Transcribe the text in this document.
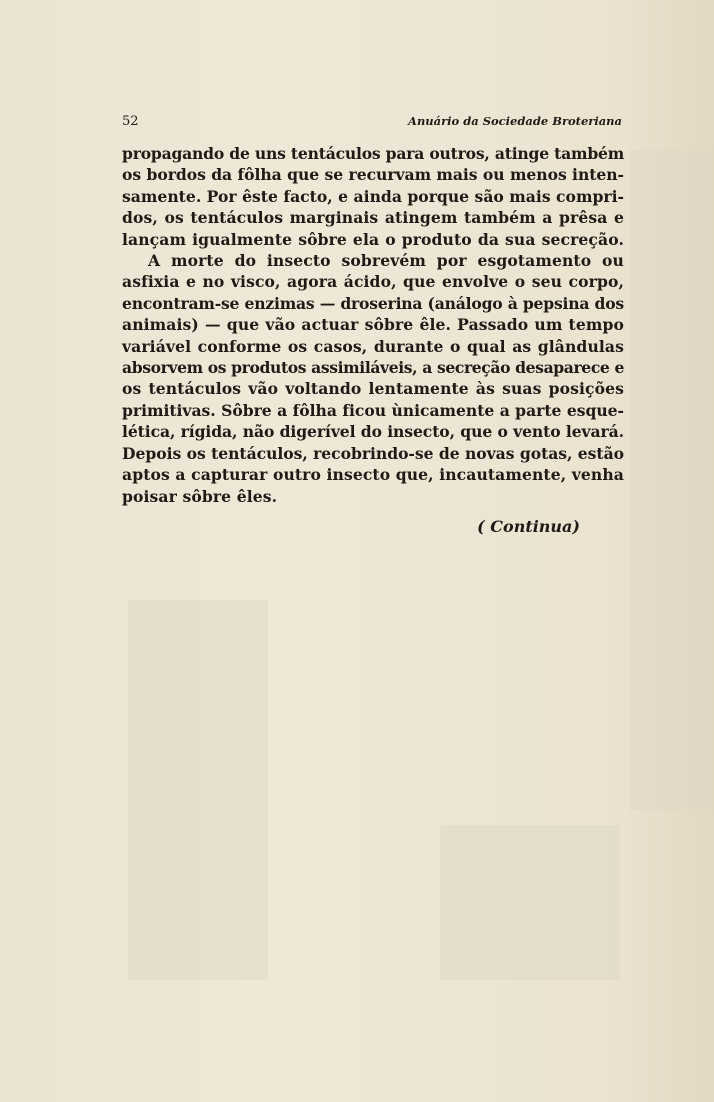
52	Anuário da Sociedade Broteriana

propagando de uns tentáculos para outros, atinge também
os bordos da fôlha que se recurvam mais ou menos inten-
samente. Por êste facto, e ainda porque são mais compri-
dos, os tentáculos marginais atingem também a prêsa e
lançam igualmente sôbre ela o produto da sua secreção.

A morte do insecto sobrevém por esgotamento ou
asfixia e no visco, agora ácido, que envolve o seu corpo,
encontram-se enzimas — droserina (análogo à pepsina dos
animais) — que vão actuar sôbre êle. Passado um tempo
variável conforme os casos, durante o qual as glândulas
absorvem os produtos assimiláveis, a secreção desaparece e
os tentáculos vão voltando lentamente às suas posições
primitivas. Sôbre a fôlha ficou ùnicamente a parte esque-
lética, rígida, não digerível do insecto, que o vento levará.
Depois os tentáculos, recobrindo-se de novas gotas, estão
aptos a capturar outro insecto que, incautamente, venha
poisar sôbre êles.

( Continua)
